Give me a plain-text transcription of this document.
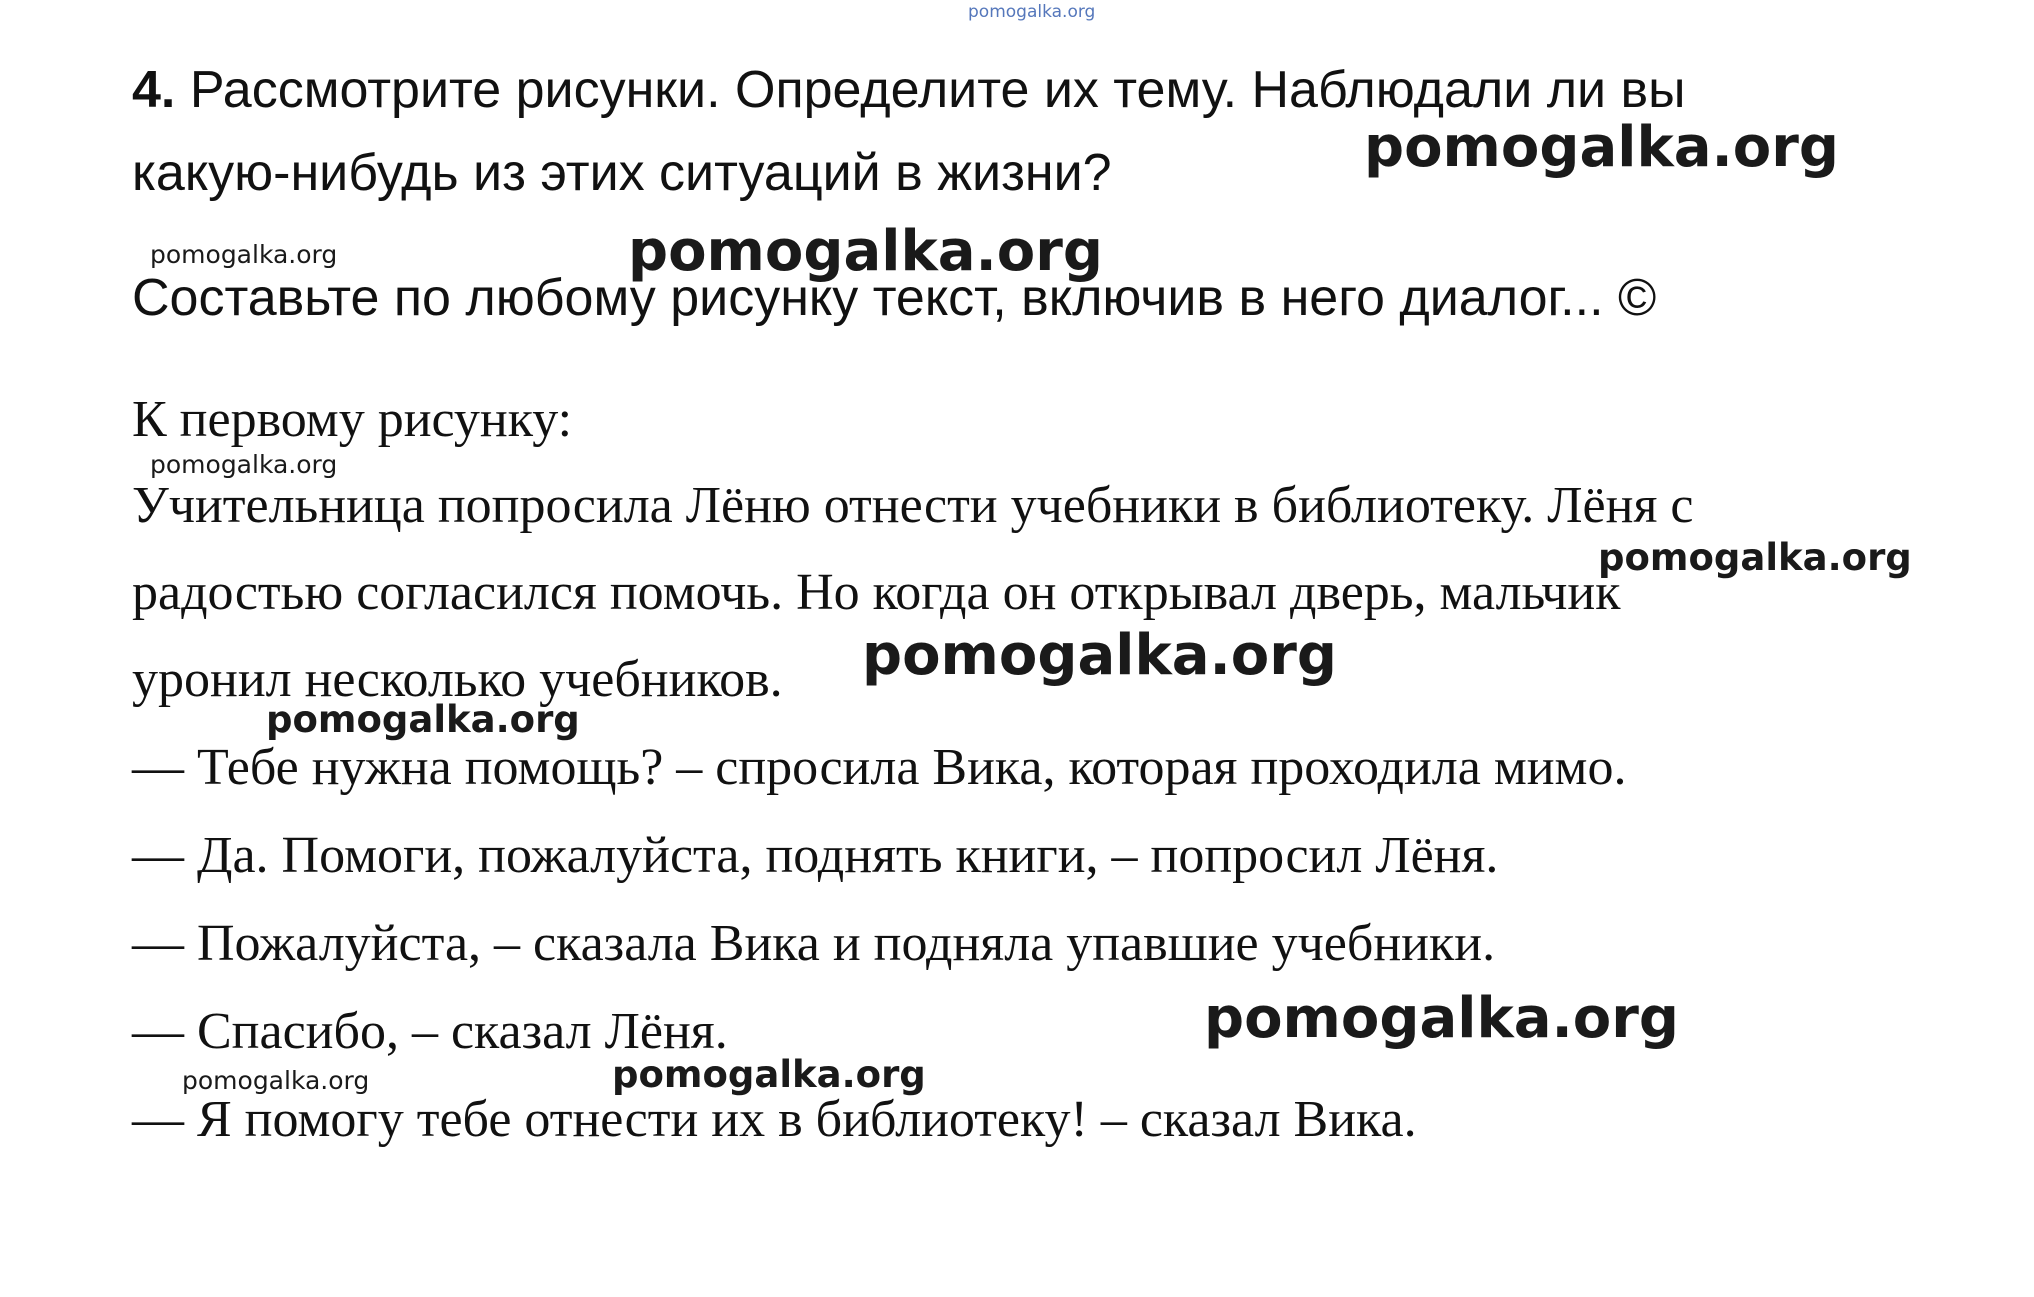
pomogalka.org
4. Рассмотрите рисунки. Определите их тему. Наблюдали ли вы
какую-нибудь из этих ситуаций в жизни?
Составьте по любому рисунку текст, включив в него диалог... ©
pomogalka.org
pomogalka.org	pomogalka.org
К первому рисунку:
pomogalka.org
Учительница попросила Лёню отнести учебники в библиотеку. Лёня с
pomogalka.org
радостью согласился помочь. Но когда он открывал дверь, мальчик
уронил несколько учебников. pomogalka.org
pomogalka.org
— Тебе нужна помощь? – спросила Вика, которая проходила мимо.
— Да. Помоги, пожалуйста, поднять книги, – попросил Лёня.
— Пожалуйста, – сказала Вика и подняла упавшие учебники.
— Спасибо, – сказал Лёня.	pomogalka.org
pomogalka.org	pomogalka.org
— Я помогу тебе отнести их в библиотеку! – сказал Вика.
